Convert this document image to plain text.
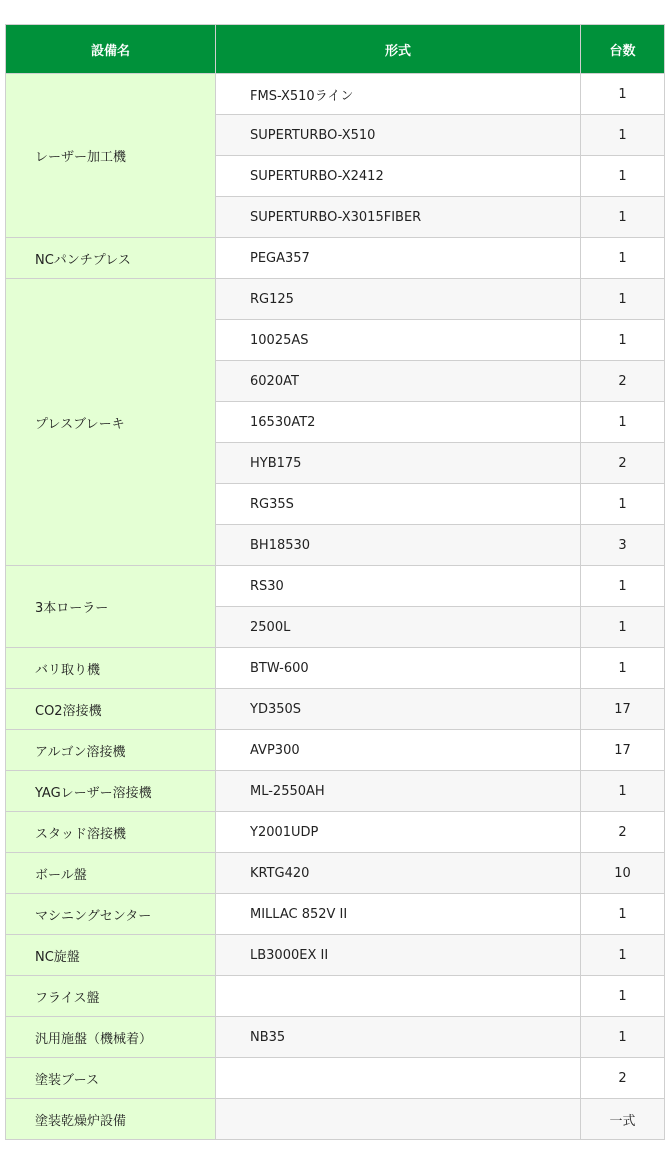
設備名	形式	台数
レーザー加工機	FMS-X510ライン	1
	SUPERTURBO-X510	1
	SUPERTURBO-X2412	1
	SUPERTURBO-X3015FIBER	1
NCパンチプレス	PEGA357	1
プレスブレーキ	RG125	1
	10025AS	1
	6020AT	2
	16530AT2	1
	HYB175	2
	RG35S	1
	BH18530	3
3本ローラー	RS30	1
	2500L	1
バリ取り機	BTW-600	1
CO2溶接機	YD350S	17
アルゴン溶接機	AVP300	17
YAGレーザー溶接機	ML-2550AH	1
スタッド溶接機	Y2001UDP	2
ボール盤	KRTG420	10
マシニングセンター	MILLAC 852V II	1
NC旋盤	LB3000EX II	1
フライス盤		1
汎用施盤（機械着）	NB35	1
塗装ブース		2
塗装乾燥炉設備		一式
